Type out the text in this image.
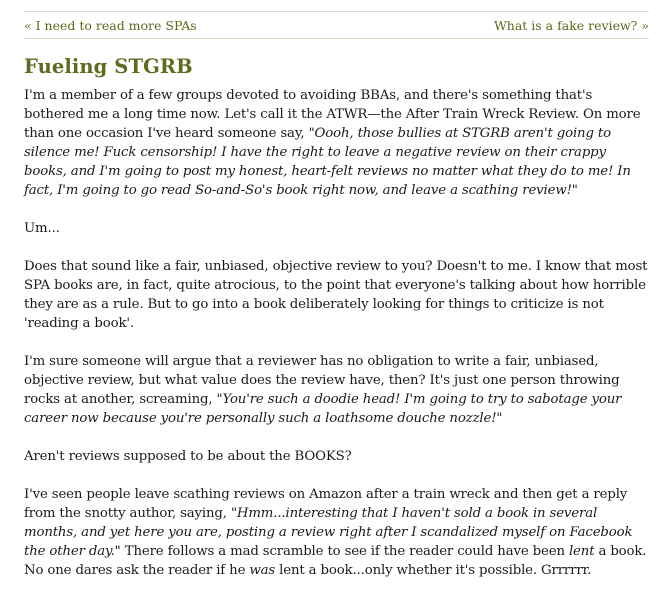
« I need to read more SPAs	What is a fake review? »
Fueling STGRB

I'm a member of a few groups devoted to avoiding BBAs, and there's something that's bothered me a long time now. Let's call it the ATWR—the After Train Wreck Review. On more than one occasion I've heard someone say, "Oooh, those bullies at STGRB aren't going to silence me! Fuck censorship! I have the right to leave a negative review on their crappy books, and I'm going to post my honest, heart-felt reviews no matter what they do to me! In fact, I'm going to go read So-and-So's book right now, and leave a scathing review!"

Um...

Does that sound like a fair, unbiased, objective review to you? Doesn't to me. I know that most SPA books are, in fact, quite atrocious, to the point that everyone's talking about how horrible they are as a rule. But to go into a book deliberately looking for things to criticize is not 'reading a book'.

I'm sure someone will argue that a reviewer has no obligation to write a fair, unbiased, objective review, but what value does the review have, then? It's just one person throwing rocks at another, screaming, "You're such a doodie head! I'm going to try to sabotage your career now because you're personally such a loathsome douche nozzle!"

Aren't reviews supposed to be about the BOOKS?

I've seen people leave scathing reviews on Amazon after a train wreck and then get a reply from the snotty author, saying, "Hmm...interesting that I haven't sold a book in several months, and yet here you are, posting a review right after I scandalized myself on Facebook the other day." There follows a mad scramble to see if the reader could have been lent a book. No one dares ask the reader if he was lent a book...only whether it's possible. Grrrrrr.
